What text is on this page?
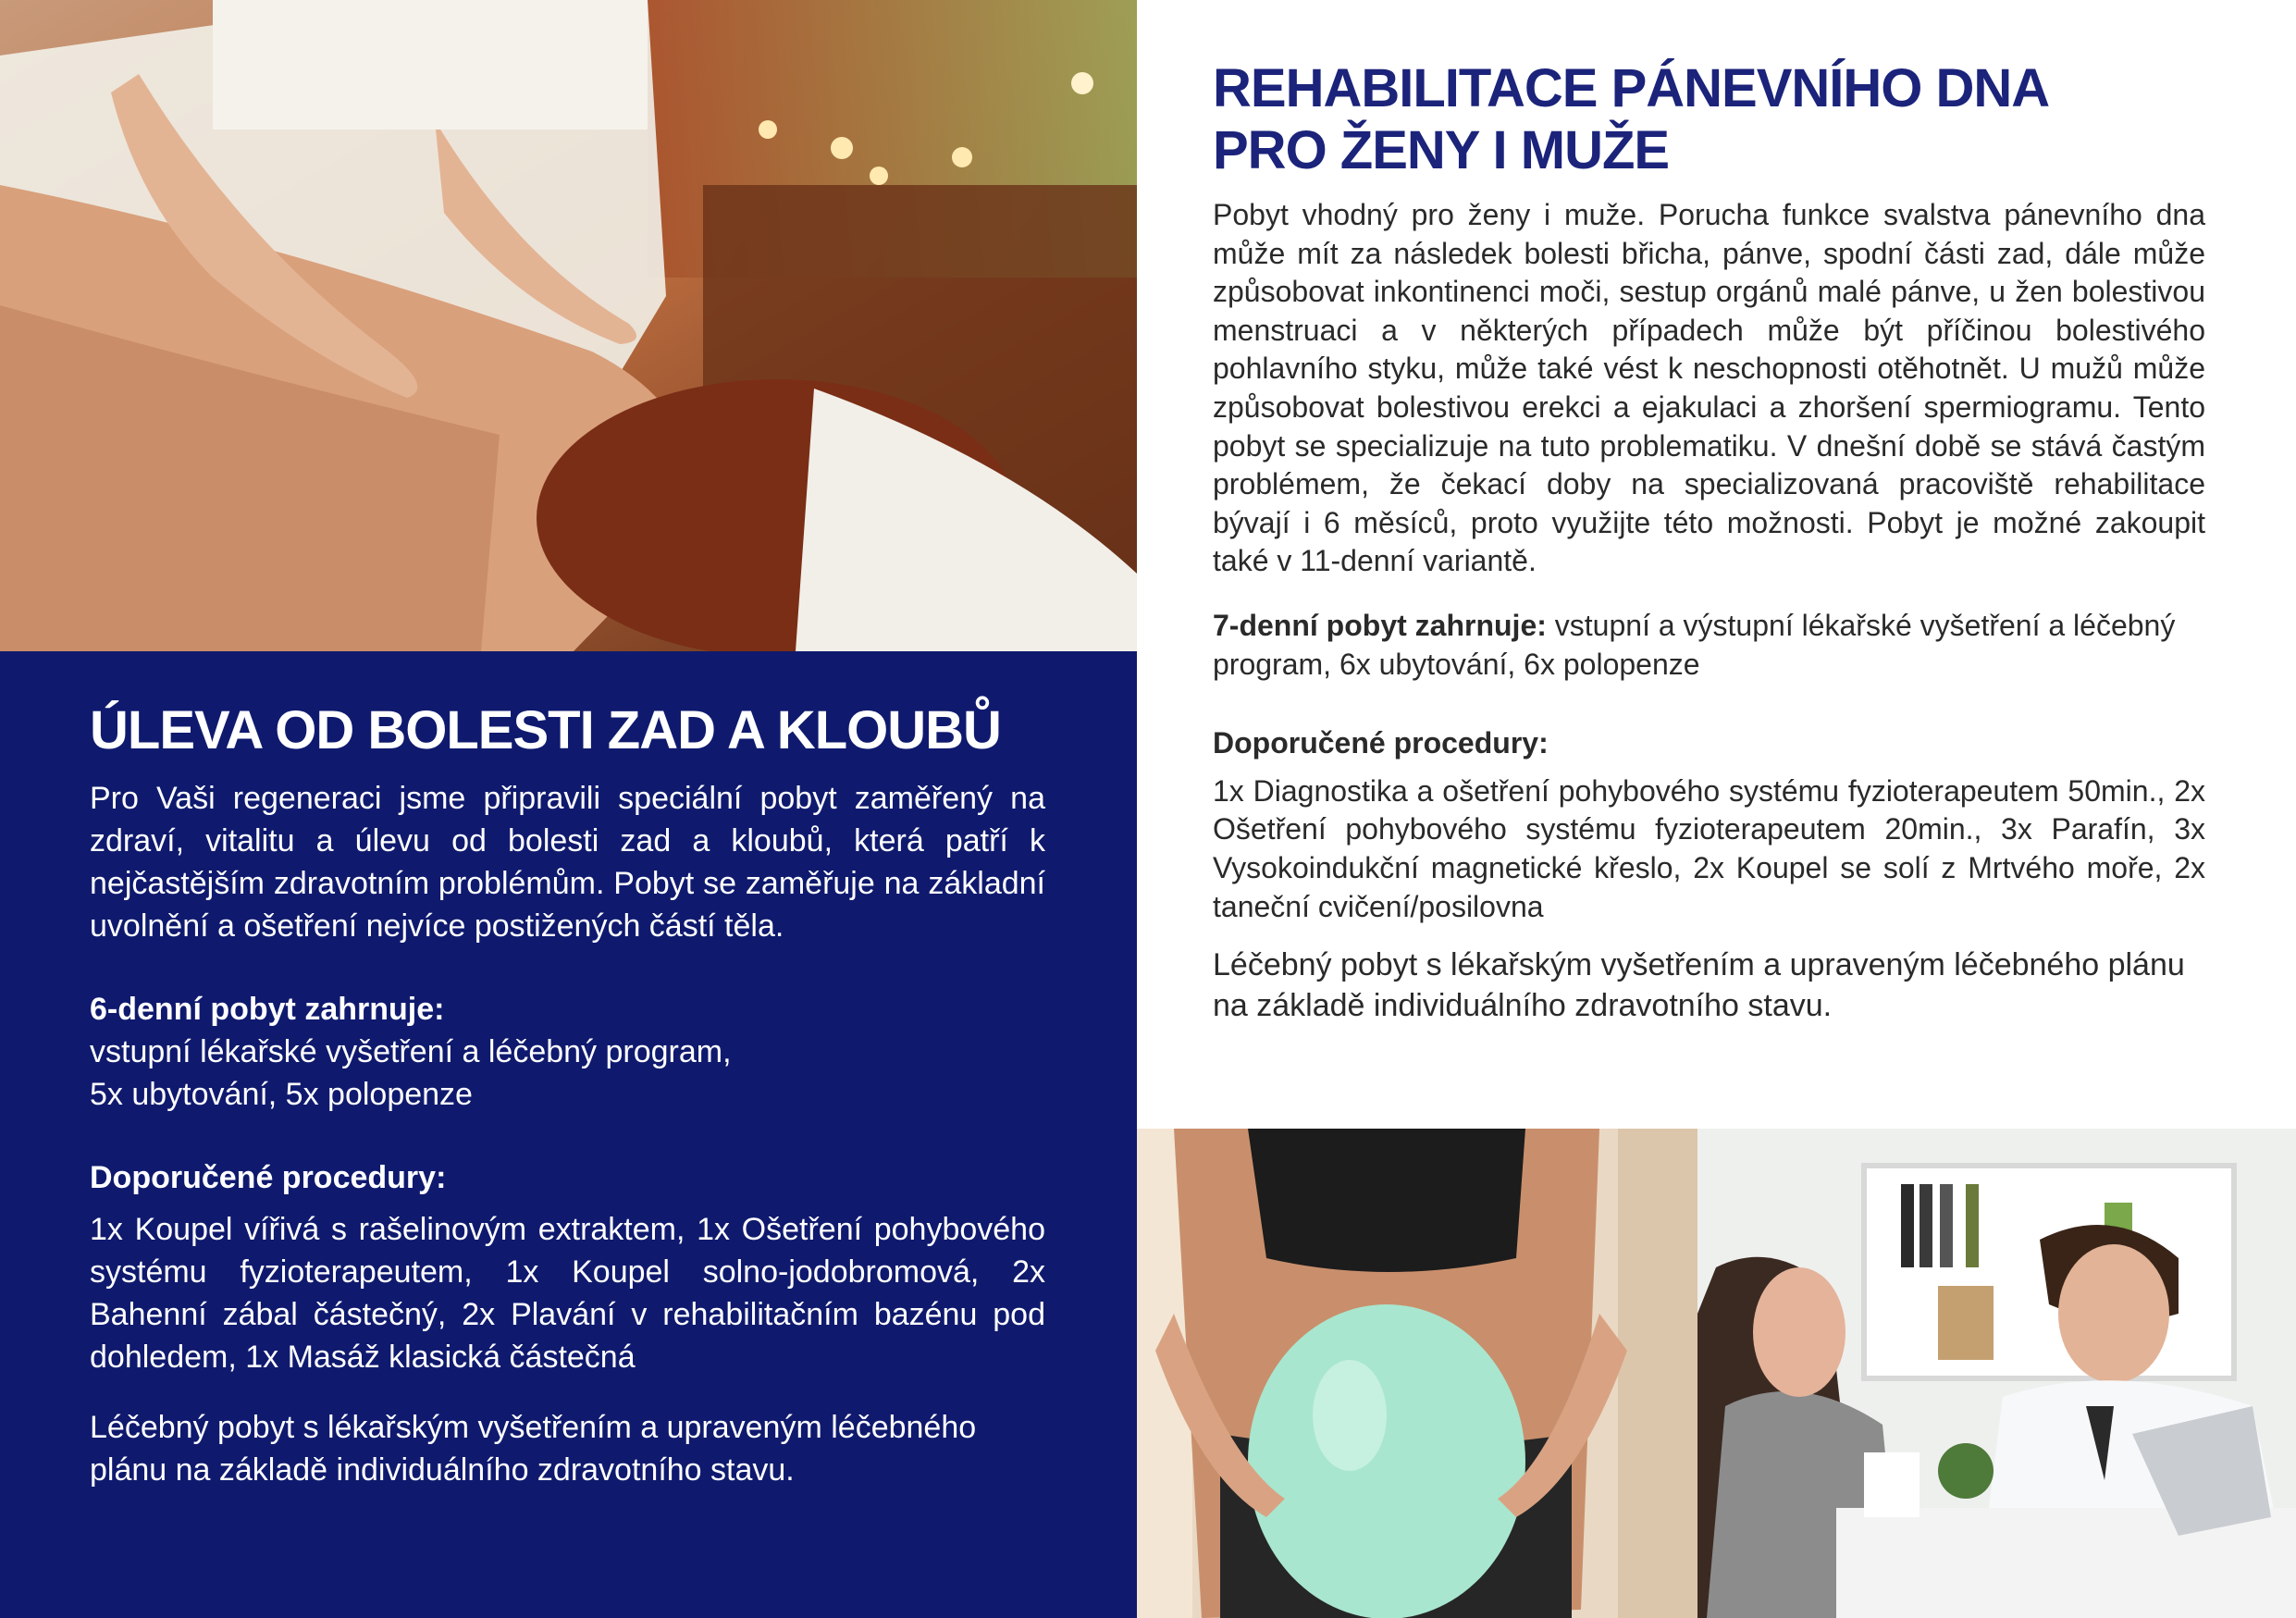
ÚLEVA OD BOLESTI ZAD A KLOUBŮ

Pro Vaši regeneraci jsme připravili speciální pobyt zaměřený na zdraví, vitalitu a úlevu od bolesti zad a kloubů, která patří k nejčastějším zdravotním problémům. Pobyt se zaměřuje na základní uvolnění a ošetření nejvíce postižených částí těla.

6-denní pobyt zahrnuje:

vstupní lékařské vyšetření a léčebný program,

5x ubytování, 5x polopenze

Doporučené procedury:

1x Koupel vířivá s rašelinovým extraktem, 1x Ošetření pohybového systému fyzioterapeutem, 1x Koupel solno-jodobromová, 2x Bahenní zábal částečný, 2x Plavání v rehabilitačním bazénu pod dohledem, 1x Masáž klasická částečná

Léčebný pobyt s lékařským vyšetřením a upraveným léčebného plánu na základě individuálního zdravotního stavu.

REHABILITACE PÁNEVNÍHO DNA
PRO ŽENY I MUŽE

Pobyt vhodný pro ženy i muže. Porucha funkce svalstva pánevního dna může mít za následek bolesti břicha, pánve, spodní části zad, dále může způsobovat inkontinenci moči, sestup orgánů malé pánve, u žen bolestivou menstruaci a v některých případech může být příčinou bolestivého pohlavního styku, může také vést k neschopnosti otěhotnět. U mužů může způsobovat bolestivou erekci a ejakulaci a zhoršení spermiogramu. Tento pobyt se specializuje na tuto problematiku. V dnešní době se stává častým problémem, že čekací doby na specializovaná pracoviště rehabilitace bývají i 6 měsíců, proto využijte této možnosti. Pobyt je možné zakoupit také v 11-denní variantě.

7-denní pobyt zahrnuje: vstupní a výstupní lékařské vyšetření a léčebný program, 6x ubytování, 6x polopenze

Doporučené procedury:

1x Diagnostika a ošetření pohybového systému fyzioterapeutem 50min., 2x Ošetření pohybového systému fyzioterapeutem 20min., 3x Parafín, 3x Vysokoindukční magnetické křeslo, 2x Koupel se solí z Mrtvého moře, 2x taneční cvičení/posilovna

Léčebný pobyt s lékařským vyšetřením a upraveným léčebného plánu na základě individuálního zdravotního stavu.
